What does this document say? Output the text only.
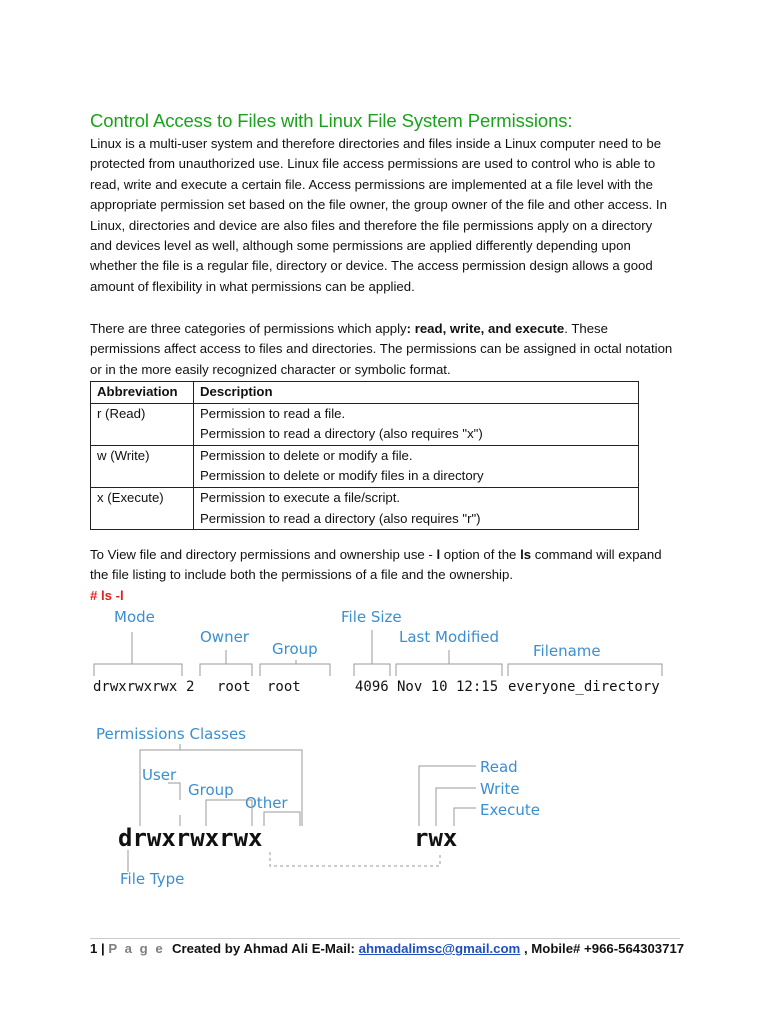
Control Access to Files with Linux File System Permissions:
Linux is a multi-user system and therefore directories and files inside a Linux computer need to be protected from unauthorized use. Linux file access permissions are used to control who is able to read, write and execute a certain file. Access permissions are implemented at a file level with the appropriate permission set based on the file owner, the group owner of the file and other access. In Linux, directories and device are also files and therefore the file permissions apply on a directory and devices level as well, although some permissions are applied differently depending upon whether the file is a regular file, directory or device. The access permission design allows a good amount of flexibility in what permissions can be applied.
There are three categories of permissions which apply: read, write, and execute. These permissions affect access to files and directories. The permissions can be assigned in octal notation or in the more easily recognized character or symbolic format.
Abbreviation	Description
r (Read)	Permission to read a file.
Permission to read a directory (also requires "x")

w (Write)	Permission to delete or modify a file.
Permission to delete or modify files in a directory

x (Execute)	Permission to execute a file/script.
Permission to read a directory (also requires "r")
To View file and directory permissions and ownership use - l option of the ls command will expand the file listing to include both the permissions of a file and the ownership.
# ls -l
Mode
Owner
Group
File Size
Last Modified
Filename
drwxrwxrwx 2 root root	4096 Nov 10 12:15 everyone_directory
Permissions Classes
User
Group
Other
File Type
Read
Write
Execute
drwxrwxrwx	rwx
1 | P a g e Created by Ahmad Ali E-Mail: ahmadalimsc@gmail.com , Mobile# +966-564303717
